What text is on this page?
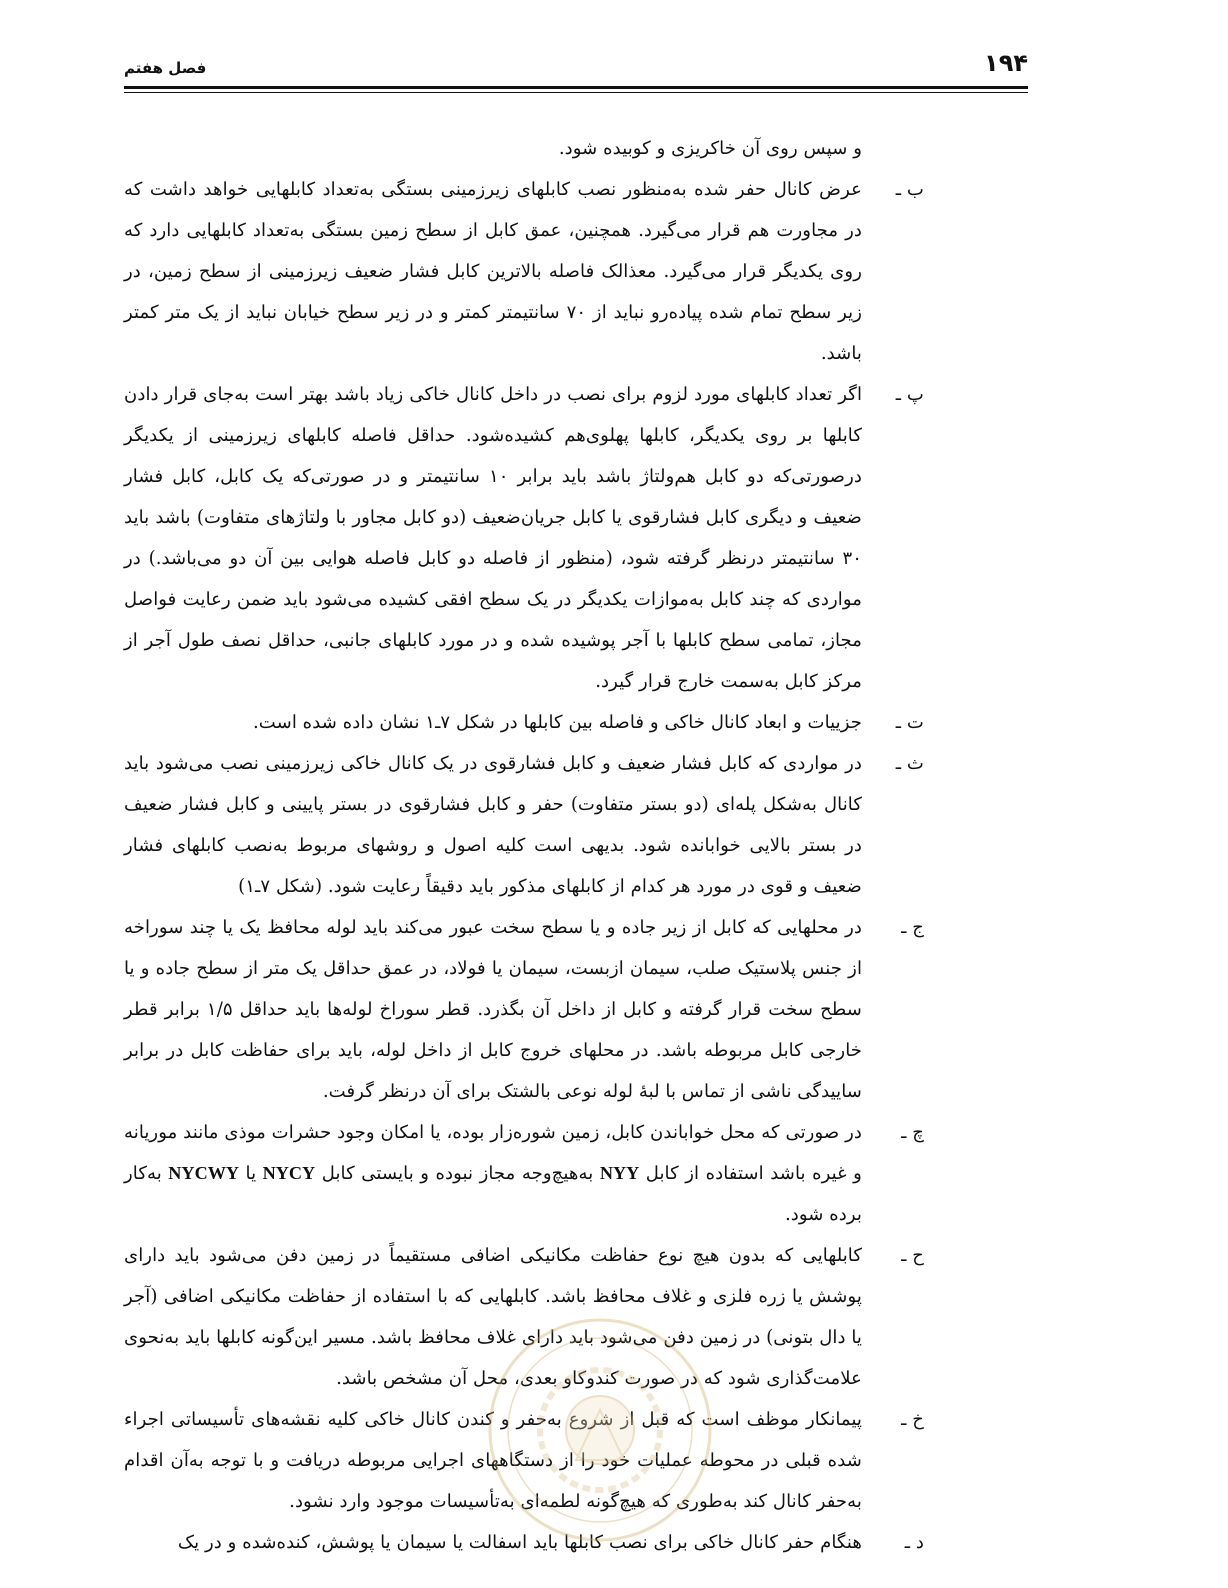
۱۹۴
فصل هفتم
و سپس روی آن خاکریزی و کوبیده شود.
ب ـ
عرض کانال حفر شده به‌منظور نصب کابلهای زیرزمینی بستگی به‌تعداد کابلهایی خواهد داشت که در مجاورت هم قرار می‌گیرد. همچنین، عمق کابل از سطح زمین بستگی به‌تعداد کابلهایی دارد که روی یکدیگر قرار می‌گیرد. معذالک فاصله بالاترین کابل فشار ضعیف زیرزمینی از سطح زمین، در زیر سطح تمام شده پیاده‌رو نباید از ۷۰ سانتیمتر کمتر و در زیر سطح خیابان نباید از یک متر کمتر باشد.
پ ـ
اگر تعداد کابلهای مورد لزوم برای نصب در داخل کانال خاکی زیاد باشد بهتر است به‌جای قرار دادن کابلها بر روی یکدیگر، کابلها پهلوی‌هم کشیده‌شود. حداقل فاصله کابلهای زیرزمینی از یکدیگر درصورتی‌که دو کابل هم‌ولتاژ باشد باید برابر ۱۰ سانتیمتر و در صورتی‌که یک کابل، کابل فشار ضعیف و دیگری کابل فشارقوی یا کابل جریان‌ضعیف (دو کابل مجاور با ولتاژهای متفاوت) باشد باید ۳۰ سانتیمتر درنظر گرفته شود، (منظور از فاصله دو کابل فاصله هوایی بین آن دو می‌باشد.) در مواردی که چند کابل به‌موازات یکدیگر در یک سطح افقی کشیده می‌شود باید ضمن رعایت فواصل مجاز، تمامی سطح کابلها با آجر پوشیده شده و در مورد کابلهای جانبی، حداقل نصف طول آجر از مرکز کابل به‌سمت خارج قرار گیرد.
ت ـ
جزییات و ابعاد کانال خاکی و فاصله بین کابلها در شکل ۷ـ۱ نشان داده شده است.
ث ـ
در مواردی که کابل فشار ضعیف و کابل فشارقوی در یک کانال خاکی زیرزمینی نصب می‌شود باید کانال به‌شکل پله‌ای (دو بستر متفاوت) حفر و کابل فشارقوی در بستر پایینی و کابل فشار ضعیف در بستر بالایی خوابانده شود. بدیهی است کلیه اصول و روشهای مربوط به‌نصب کابلهای فشار ضعیف و قوی در مورد هر کدام از کابلهای مذکور باید دقیقاً رعایت شود. (شکل ۷ـ۱)
ج ـ
در محلهایی که کابل از زیر جاده و یا سطح سخت عبور می‌کند باید لوله محافظ یک یا چند سوراخه از جنس پلاستیک صلب، سیمان ازبست، سیمان یا فولاد، در عمق حداقل یک متر از سطح جاده و یا سطح سخت قرار گرفته و کابل از داخل آن بگذرد. قطر سوراخ لوله‌ها باید حداقل ۱/۵ برابر قطر خارجی کابل مربوطه باشد. در محلهای خروج کابل از داخل لوله، باید برای حفاظت کابل در برابر ساییدگی ناشی از تماس با لبهٔ لوله نوعی بالشتک برای آن درنظر گرفت.
چ ـ
در صورتی که محل خواباندن کابل، زمین شوره‌زار بوده، یا امکان وجود حشرات موذی مانند موریانه و غیره باشد استفاده از کابل NYY به‌هیچ‌وجه مجاز نبوده و بایستی کابل NYCY یا NYCWY به‌کار برده شود.
ح ـ
کابلهایی که بدون هیچ نوع حفاظت مکانیکی اضافی مستقیماً در زمین دفن می‌شود باید دارای پوشش یا زره فلزی و غلاف محافظ باشد. کابلهایی که با استفاده از حفاظت مکانیکی اضافی (آجر یا دال بتونی) در زمین دفن می‌شود باید دارای غلاف محافظ باشد. مسیر این‌گونه کابلها باید به‌نحوی علامت‌گذاری شود که در صورت کندوکاو بعدی، محل آن مشخص باشد.
خ ـ
پیمانکار موظف است که قبل از شروع به‌حفر و کندن کانال خاکی کلیه نقشه‌های تأسیساتی اجراء شده قبلی در محوطه عملیات خود را از دستگاههای اجرایی مربوطه دریافت و با توجه به‌آن اقدام به‌حفر کانال کند به‌طوری که هیچ‌گونه لطمه‌ای به‌تأسیسات موجود وارد نشود.
د ـ
هنگام حفر کانال خاکی برای نصب کابلها باید اسفالت یا سیمان یا پوشش، کنده‌شده و در یک
